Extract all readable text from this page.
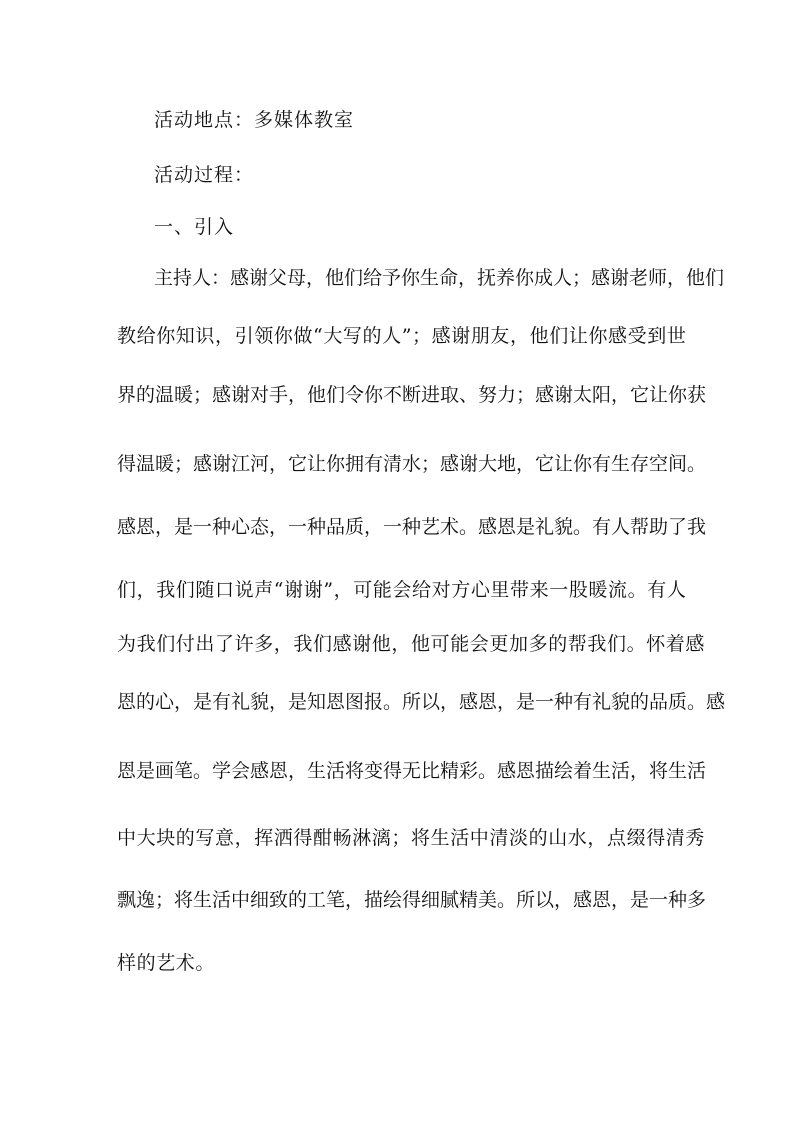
活动地点：多媒体教室
活动过程：
一、引入
主持人：感谢父母，他们给予你生命，抚养你成人；感谢老师，他们
教给你知识，引领你做“大写的人”；感谢朋友，他们让你感受到世
界的温暖；感谢对手，他们令你不断进取、努力；感谢太阳，它让你获
得温暖；感谢江河，它让你拥有清水；感谢大地，它让你有生存空间。
感恩，是一种心态，一种品质，一种艺术。感恩是礼貌。有人帮助了我
们，我们随口说声“谢谢”，可能会给对方心里带来一股暖流。有人
为我们付出了许多，我们感谢他，他可能会更加多的帮我们。怀着感
恩的心，是有礼貌，是知恩图报。所以，感恩，是一种有礼貌的品质。感
恩是画笔。学会感恩，生活将变得无比精彩。感恩描绘着生活，将生活
中大块的写意，挥洒得酣畅淋漓；将生活中清淡的山水，点缀得清秀
飘逸；将生活中细致的工笔，描绘得细腻精美。所以，感恩，是一种多
样的艺术。
